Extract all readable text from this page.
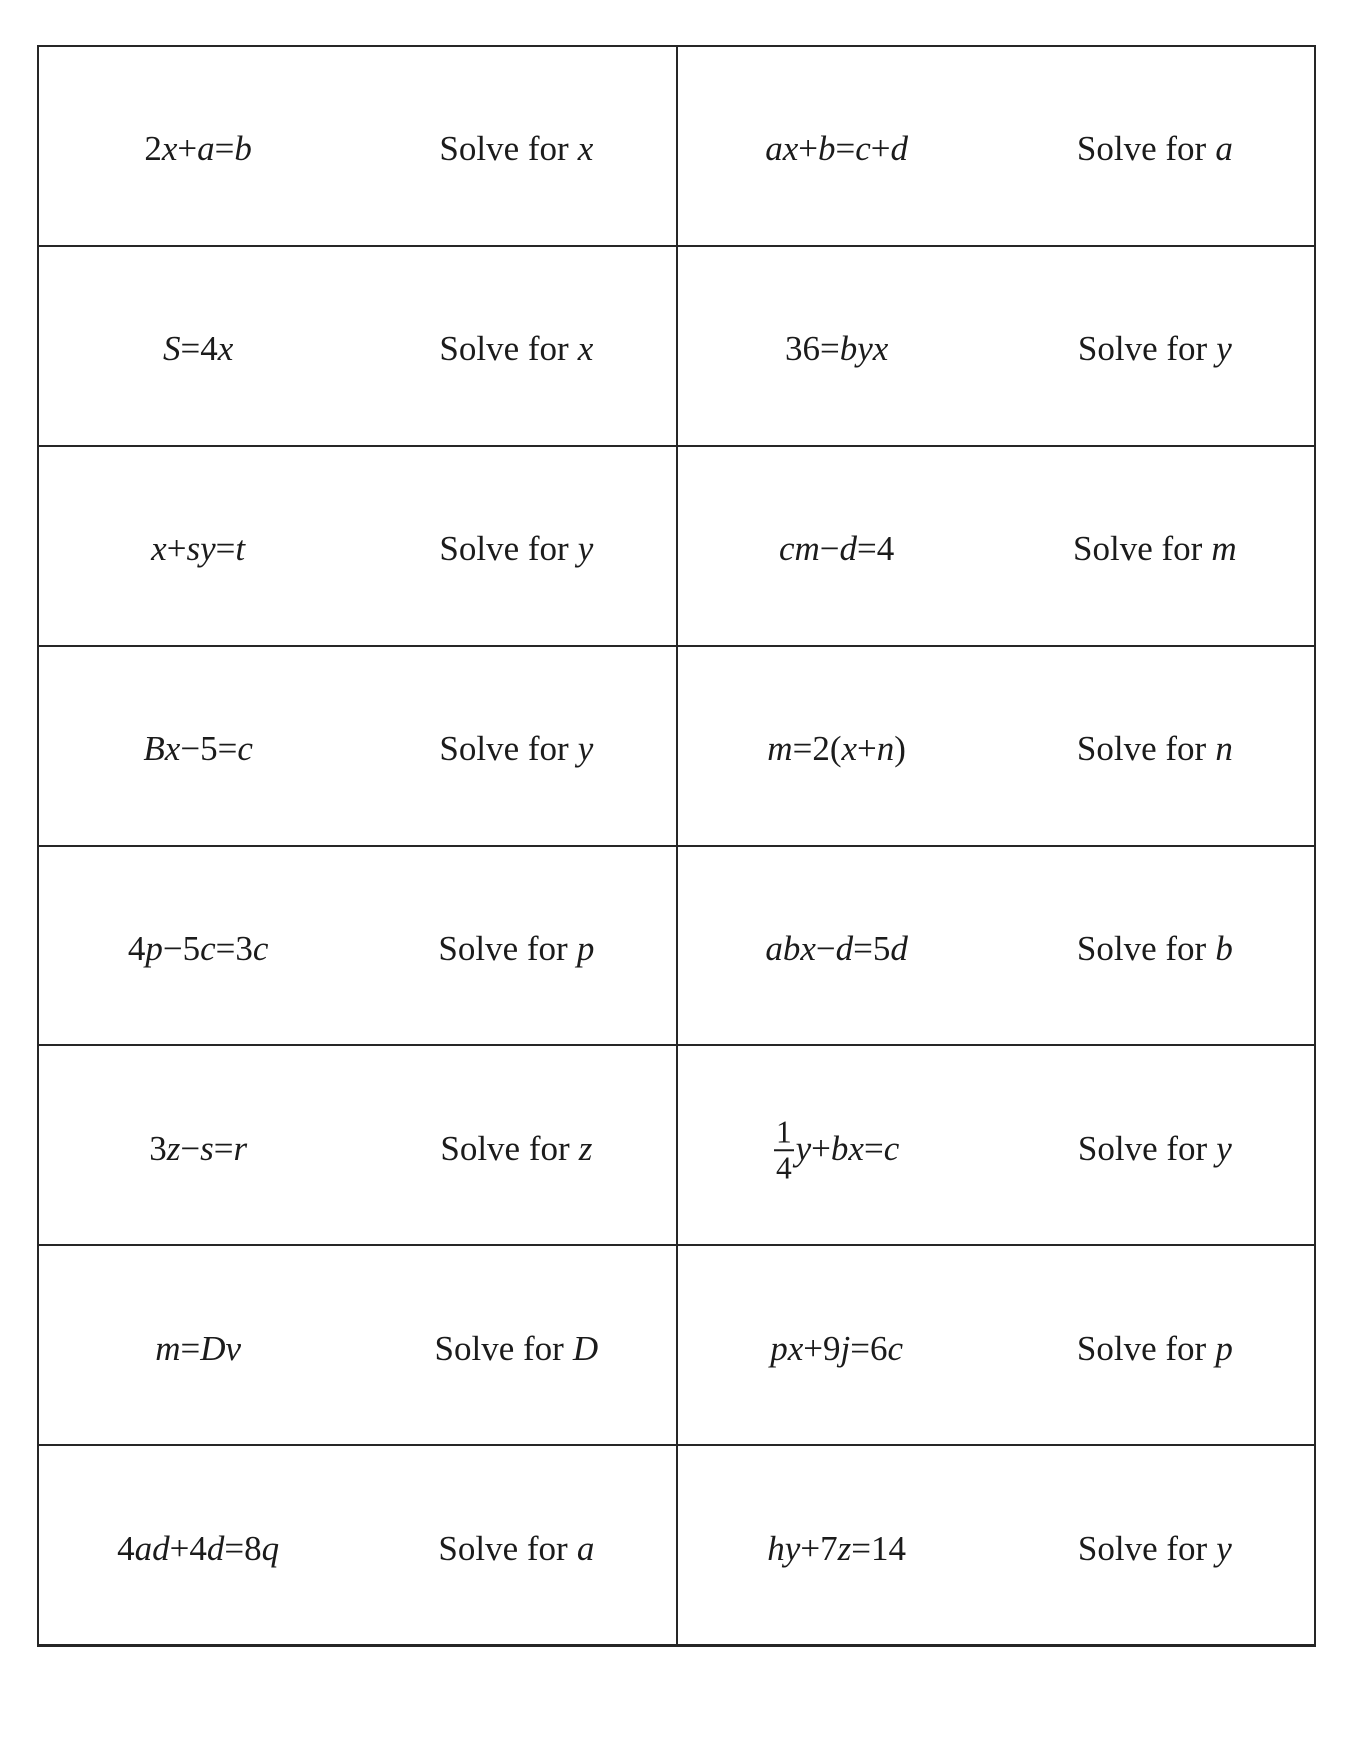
2 x + a = b	Solve for x	a x + b = c + d	Solve for a
S = 4 x	Solve for x	36 = b y x	Solve for y
x + s y = t	Solve for y	c m − d = 4	Solve for m
B x − 5 = c	Solve for y	m = 2( x + n )	Solve for n
4 p − 5 c = 3 c	Solve for p	a b x − d = 5 d	Solve for b
3 z − s = r	Solve for z	$\frac{1}{4}$ y + b x = c	Solve for y
m = D v	Solve for D	p x + 9 j = 6 c	Solve for p
4 a d + 4 d = 8 q	Solve for a	h y + 7 z = 14	Solve for y
